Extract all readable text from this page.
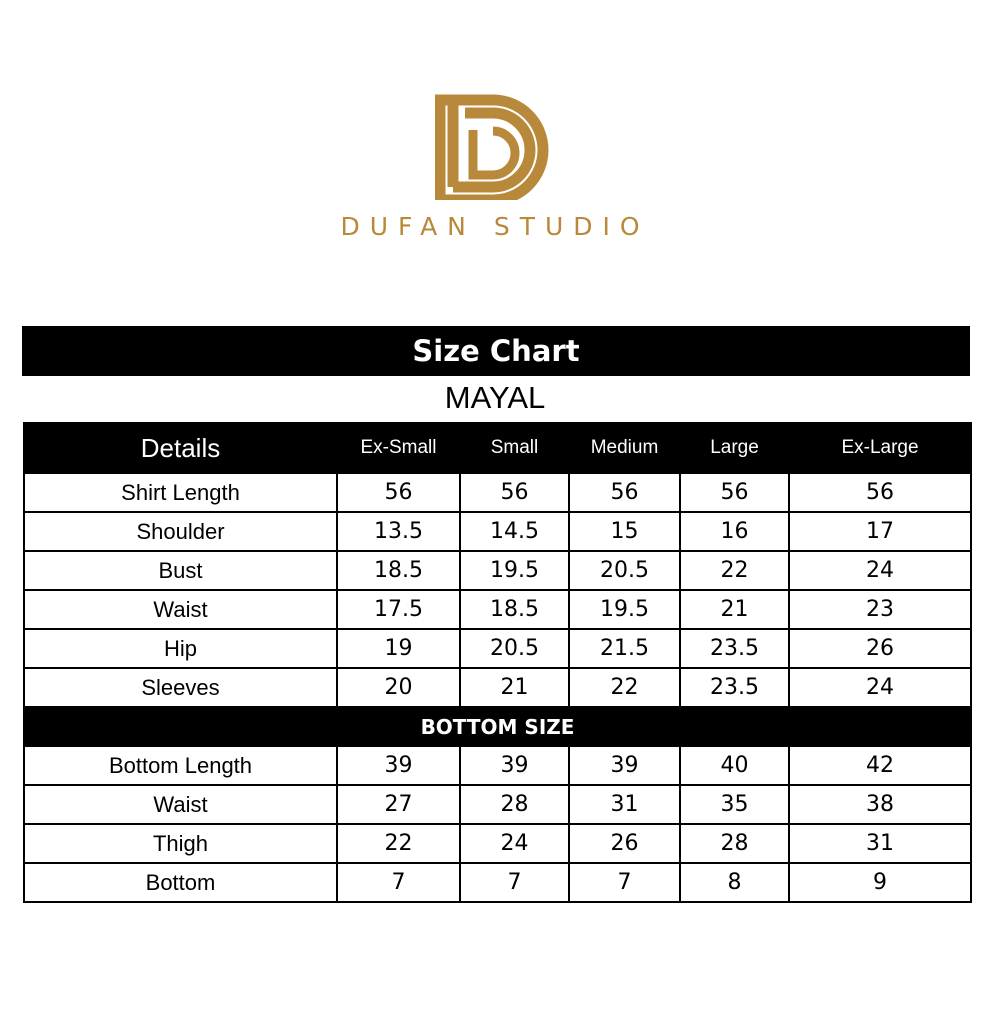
DUFAN STUDIO
Size Chart
MAYAL
Details	Ex-Small	Small	Medium	Large	Ex-Large
Shirt Length	56	56	56	56	56
Shoulder	13.5	14.5	15	16	17
Bust	18.5	19.5	20.5	22	24
Waist	17.5	18.5	19.5	21	23
Hip	19	20.5	21.5	23.5	26
Sleeves	20	21	22	23.5	24
BOTTOM SIZE					
Bottom Length	39	39	39	40	42
Waist	27	28	31	35	38
Thigh	22	24	26	28	31
Bottom	7	7	7	8	9
